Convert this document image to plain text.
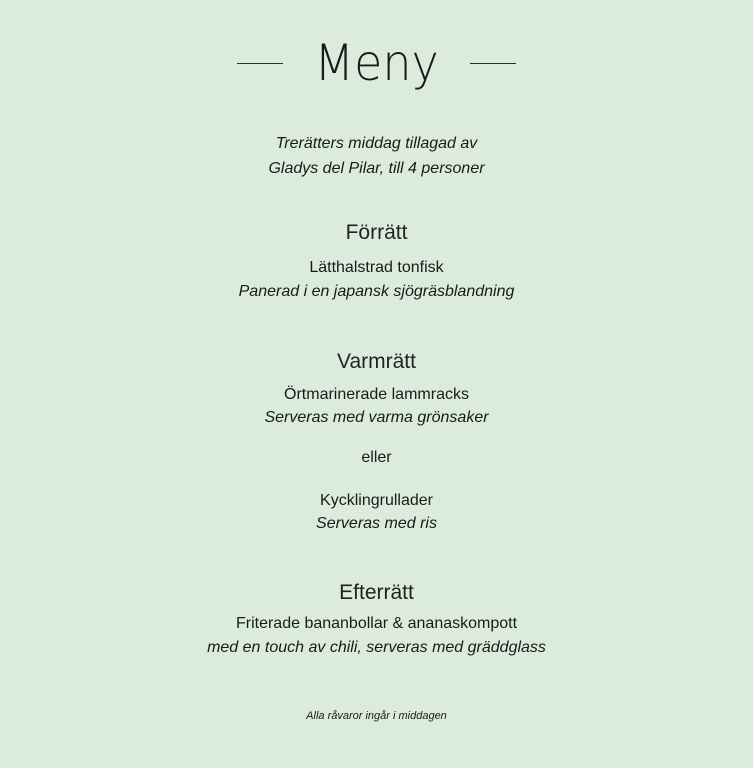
Meny
Trerätters middag tillagad av
Gladys del Pilar, till 4 personer
Förrätt
Lätthalstrad tonfisk
Panerad i en japansk sjögräsblandning
Varmrätt
Örtmarinerade lammracks
Serveras med varma grönsaker
eller
Kycklingrullader
Serveras med ris
Efterrätt
Friterade bananbollar & ananaskompott
med en touch av chili, serveras med gräddglass
Alla råvaror ingår i middagen
